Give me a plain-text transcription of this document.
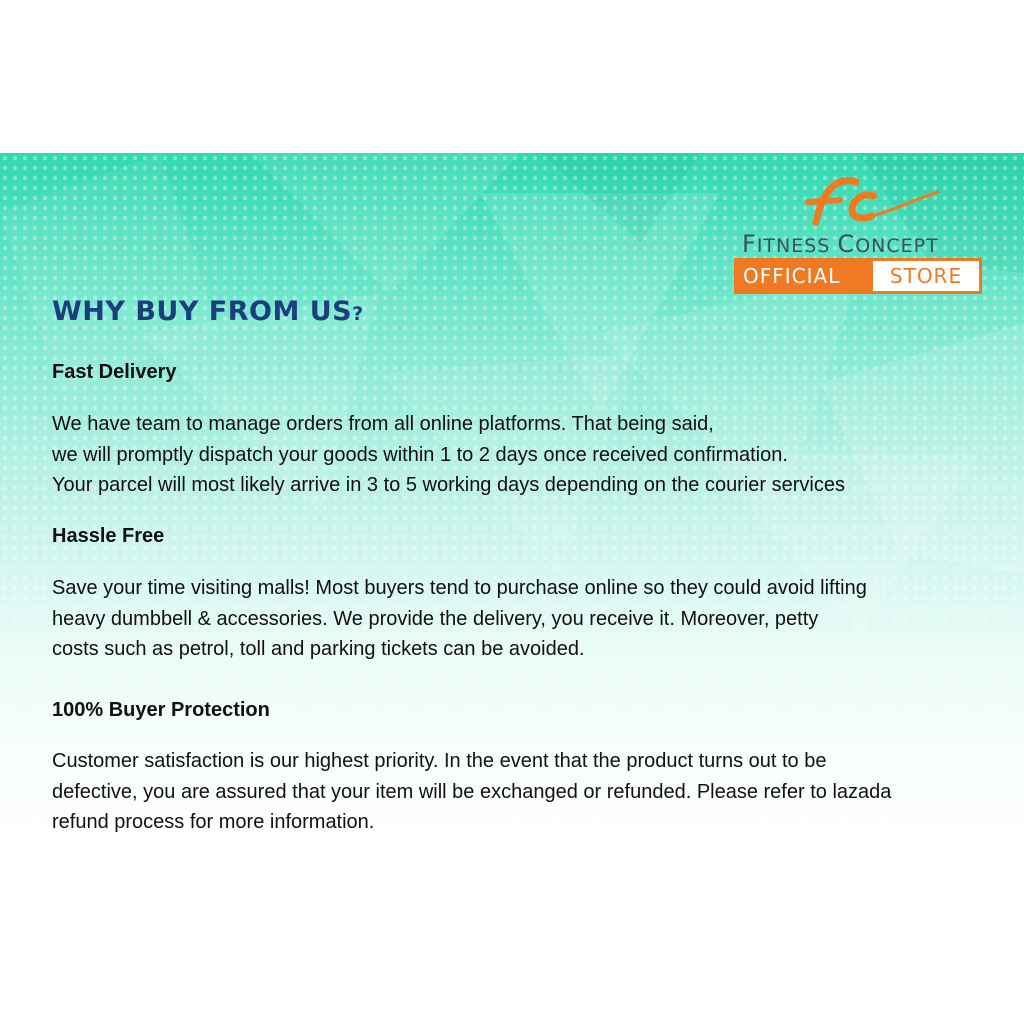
FITNESS CONCEPT
OFFICIAL	STORE
WHY BUY FROM US?
Fast Delivery
We have team to manage orders from all online platforms. That being said,
we will promptly dispatch your goods within 1 to 2 days once received confirmation.
Your parcel will most likely arrive in 3 to 5 working days depending on the courier services
Hassle Free
Save your time visiting malls! Most buyers tend to purchase online so they could avoid lifting
heavy dumbbell & accessories. We provide the delivery, you receive it. Moreover, petty
costs such as petrol, toll and parking tickets can be avoided.
100% Buyer Protection
Customer satisfaction is our highest priority. In the event that the product turns out to be
defective, you are assured that your item will be exchanged or refunded. Please refer to lazada
refund process for more information.
